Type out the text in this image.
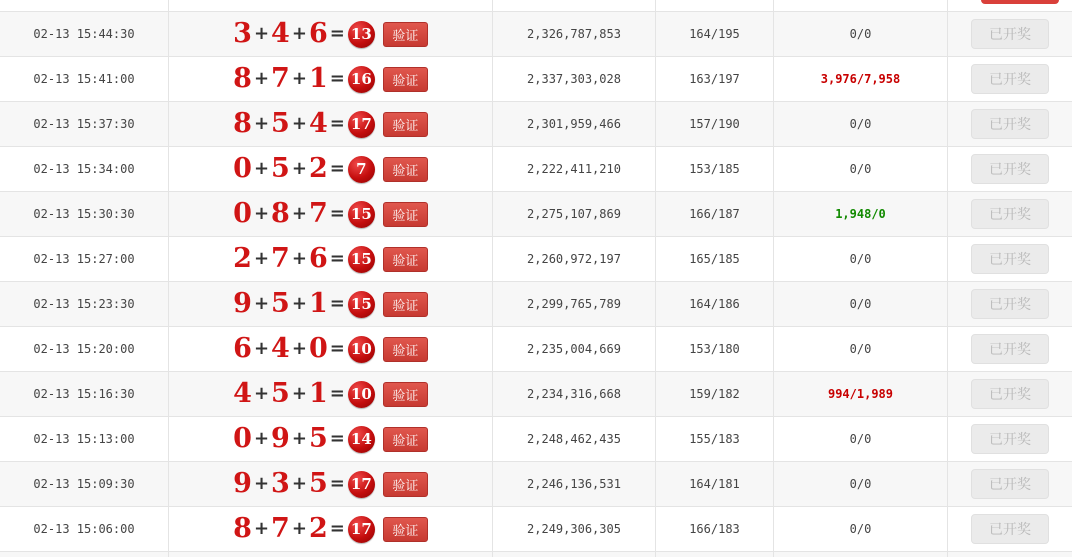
02-13 15:44:30	3 + 4 + 6 = 13	验证	2,326,787,853	164/195	0/0	已开奖
02-13 15:41:00	8 + 7 + 1 = 16	验证	2,337,303,028	163/197	3,976/7,958	已开奖
02-13 15:37:30	8 + 5 + 4 = 17	验证	2,301,959,466	157/190	0/0	已开奖
02-13 15:34:00	0 + 5 + 2 = 7	验证	2,222,411,210	153/185	0/0	已开奖
02-13 15:30:30	0 + 8 + 7 = 15	验证	2,275,107,869	166/187	1,948/0	已开奖
02-13 15:27:00	2 + 7 + 6 = 15	验证	2,260,972,197	165/185	0/0	已开奖
02-13 15:23:30	9 + 5 + 1 = 15	验证	2,299,765,789	164/186	0/0	已开奖
02-13 15:20:00	6 + 4 + 0 = 10	验证	2,235,004,669	153/180	0/0	已开奖
02-13 15:16:30	4 + 5 + 1 = 10	验证	2,234,316,668	159/182	994/1,989	已开奖
02-13 15:13:00	0 + 9 + 5 = 14	验证	2,248,462,435	155/183	0/0	已开奖
02-13 15:09:30	9 + 3 + 5 = 17	验证	2,246,136,531	164/181	0/0	已开奖
02-13 15:06:00	8 + 7 + 2 = 17	验证	2,249,306,305	166/183	0/0	已开奖
